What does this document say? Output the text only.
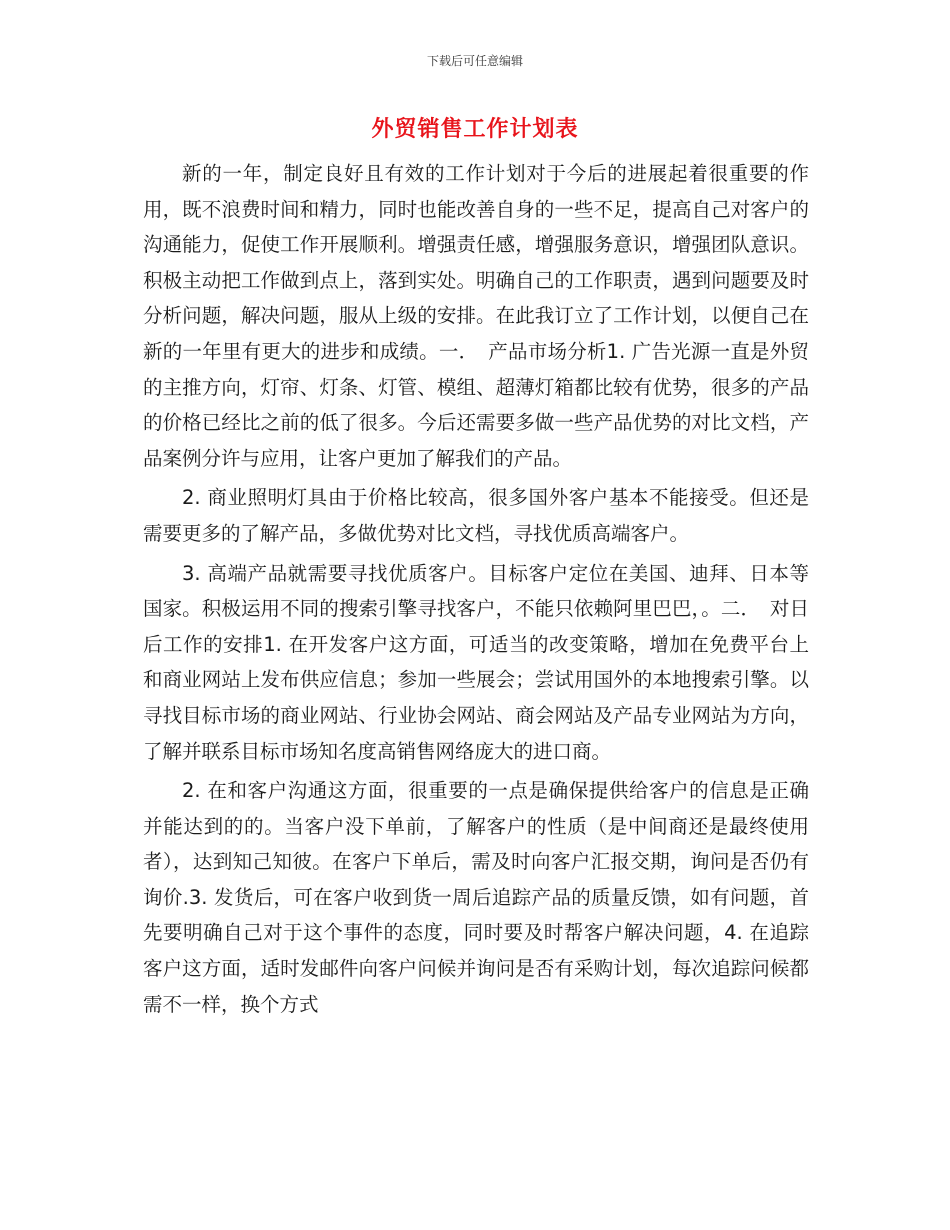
下载后可任意编辑
外贸销售工作计划表

新的一年，制定良好且有效的工作计划对于今后的进展起着很重要的作用，既不浪费时间和精力，同时也能改善自身的一些不足，提高自己对客户的沟通能力，促使工作开展顺利。增强责任感，增强服务意识，增强团队意识。积极主动把工作做到点上，落到实处。明确自己的工作职责，遇到问题要及时分析问题，解决问题，服从上级的安排。在此我订立了工作计划，以便自己在新的一年里有更大的进步和成绩。一．　产品市场分析1. 广告光源一直是外贸的主推方向，灯帘、灯条、灯管、模组、超薄灯箱都比较有优势，很多的产品的价格已经比之前的低了很多。今后还需要多做一些产品优势的对比文档，产品案例分许与应用，让客户更加了解我们的产品。

2. 商业照明灯具由于价格比较高，很多国外客户基本不能接受。但还是需要更多的了解产品，多做优势对比文档，寻找优质高端客户。

3. 高端产品就需要寻找优质客户。目标客户定位在美国、迪拜、日本等国家。积极运用不同的搜索引擎寻找客户，不能只依赖阿里巴巴，。二．　对日后工作的安排1. 在开发客户这方面，可适当的改变策略，增加在免费平台上和商业网站上发布供应信息；参加一些展会；尝试用国外的本地搜索引擎。以寻找目标市场的商业网站、行业协会网站、商会网站及产品专业网站为方向，了解并联系目标市场知名度高销售网络庞大的进口商。

2. 在和客户沟通这方面，很重要的一点是确保提供给客户的信息是正确并能达到的的。当客户没下单前，了解客户的性质（是中间商还是最终使用者），达到知己知彼。在客户下单后，需及时向客户汇报交期，询问是否仍有询价.3. 发货后，可在客户收到货一周后追踪产品的质量反馈，如有问题，首先要明确自己对于这个事件的态度，同时要及时帮客户解决问题，4. 在追踪客户这方面，适时发邮件向客户问候并询问是否有采购计划，每次追踪问候都需不一样，换个方式
